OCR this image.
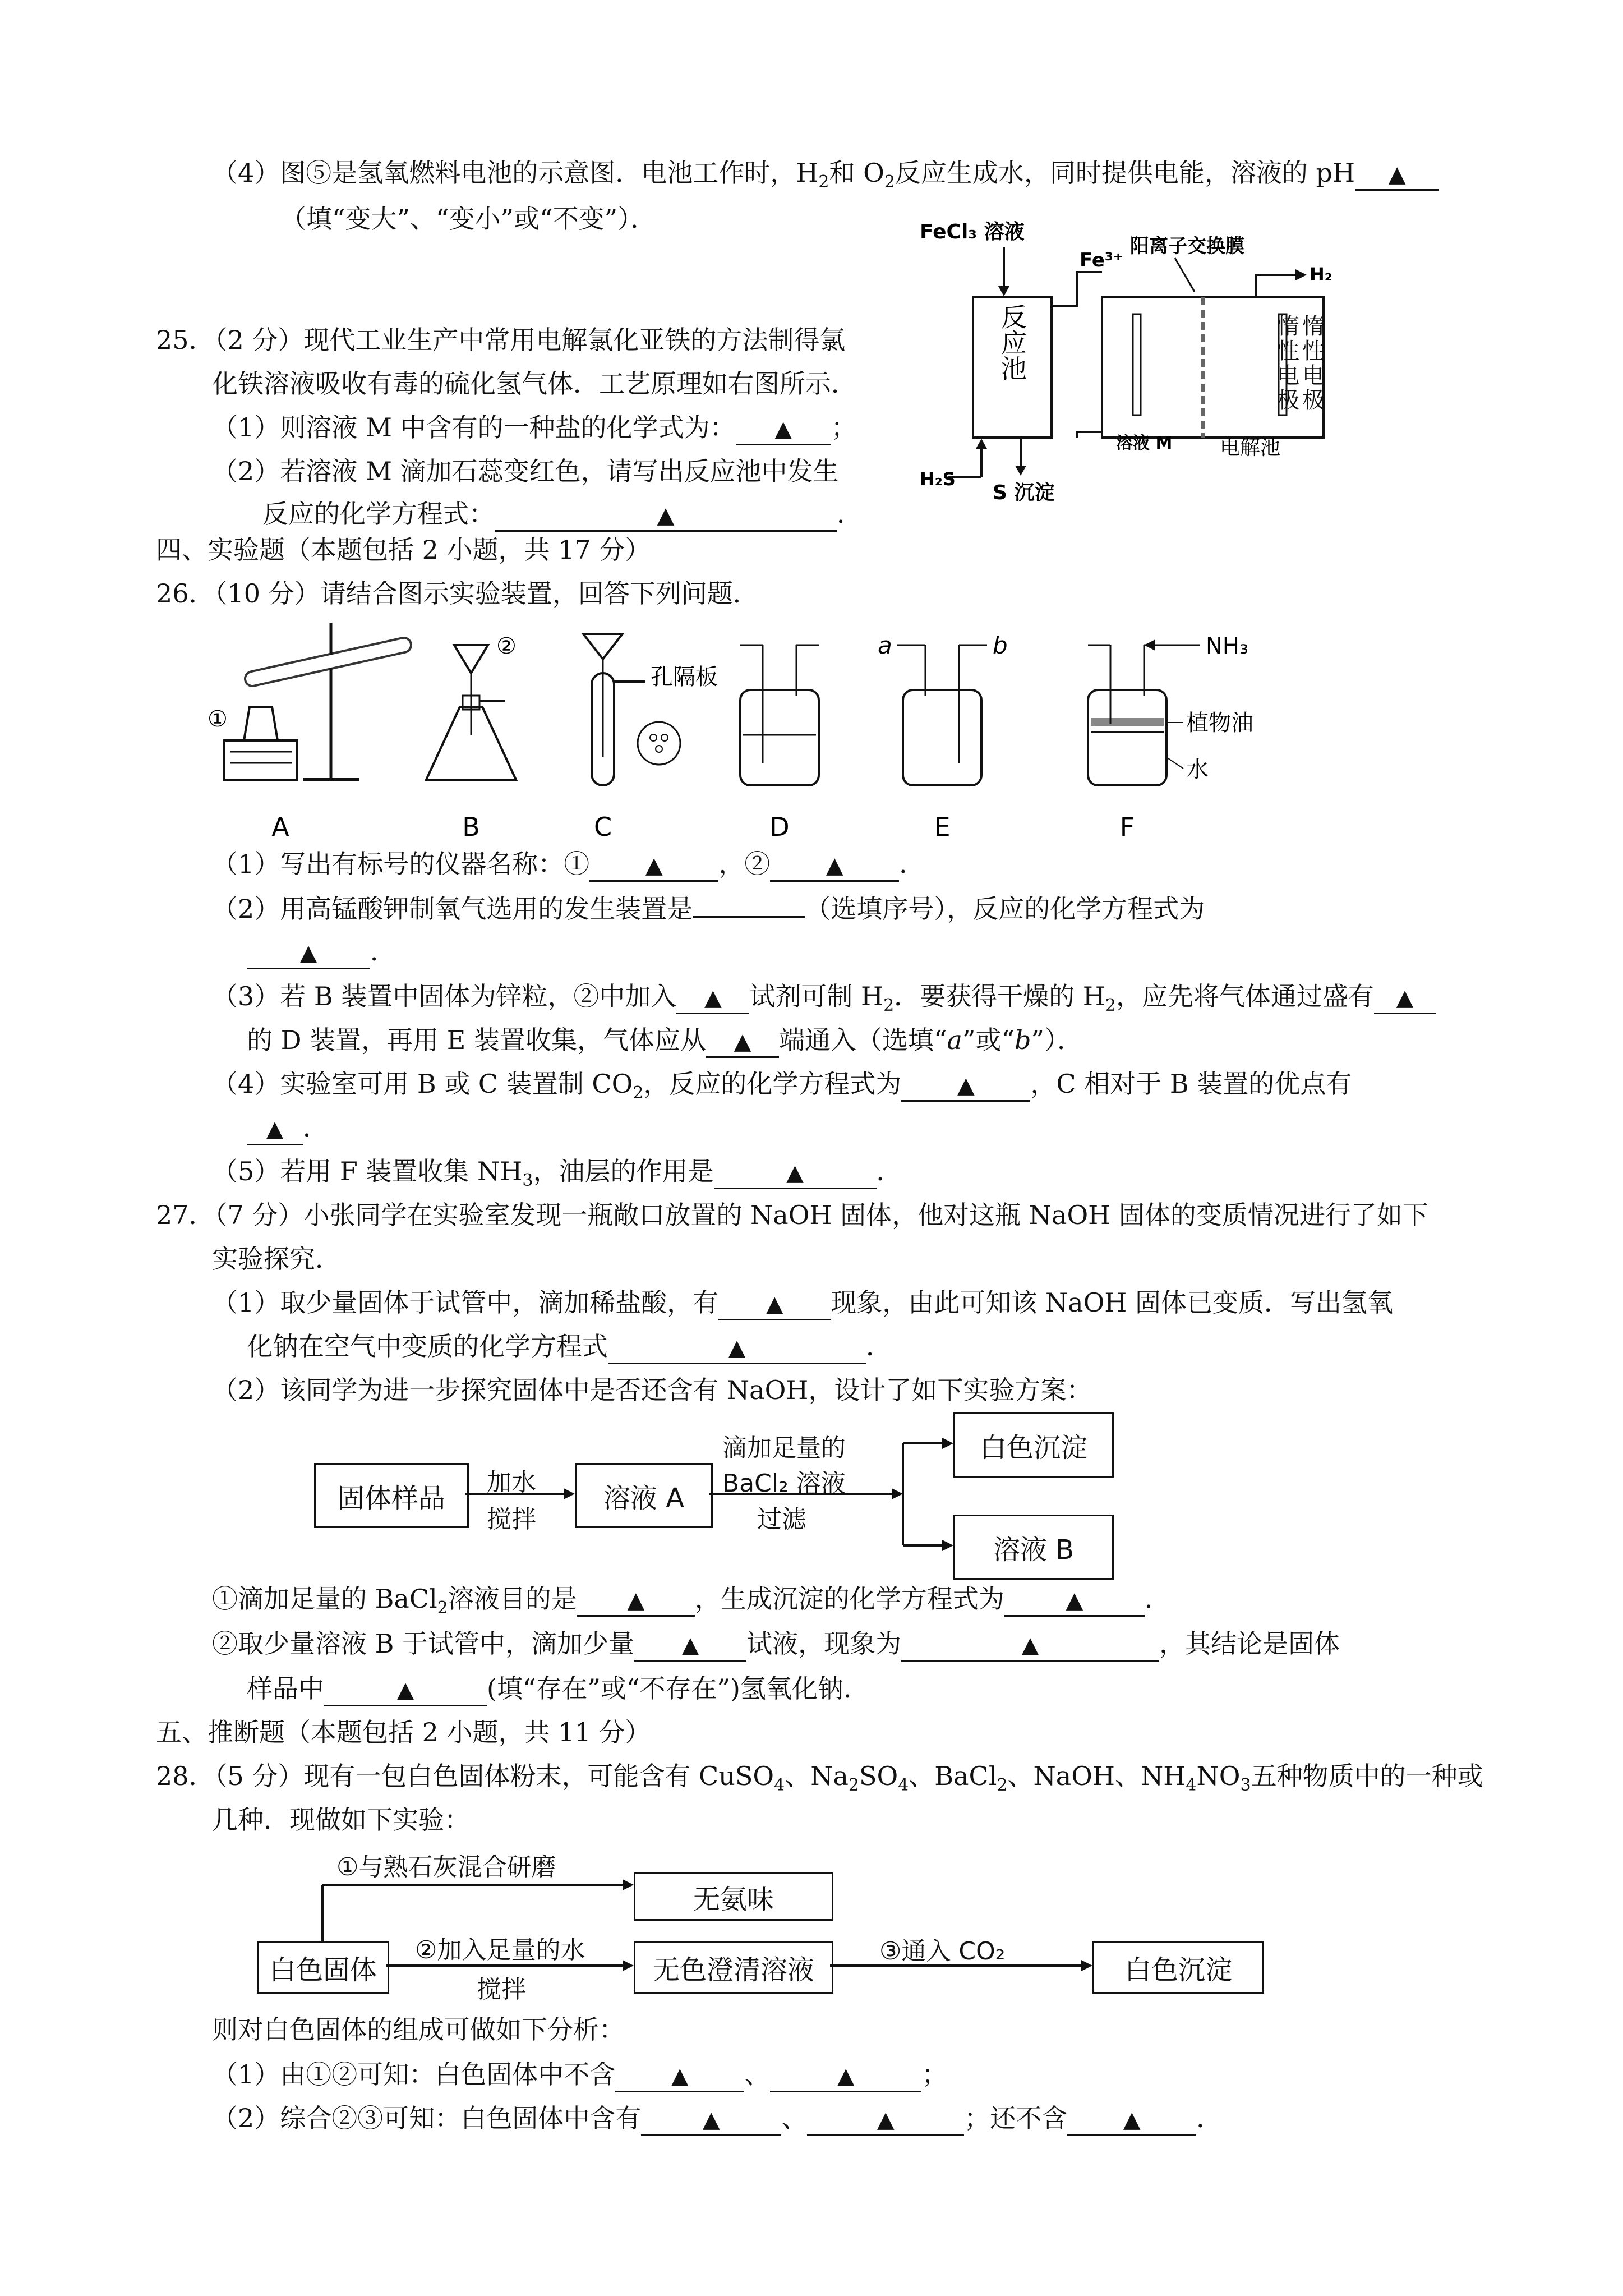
（4）图⑤是氢氧燃料电池的示意图．电池工作时，$H_2$和 $O_2$反应生成水，同时提供电能，溶液的 pH ▲
（填“变大”、“变小”或“不变”）．
25．（2 分）现代工业生产中常用电解氯化亚铁的方法制得氯
化铁溶液吸收有毒的硫化氢气体．工艺原理如右图所示．
（1）则溶液 M 中含有的一种盐的化学式为： ▲ ；
（2）若溶液 M 滴加石蕊变红色，请写出反应池中发生
反应的化学方程式：	▲	．
FeCl₃ 溶液
反应池
Fe³⁺
阳离子交换膜
H₂
溶液 M 电解池
H₂S
S 沉淀
四、实验题（本题包括 2 小题，共 17 分）
26．（10 分）请结合图示实验装置，回答下列问题．
①
②
孔隔板
a	b	NH₃
植物油
水
A	B	C	D	E	F
（1）写出有标号的仪器名称：① ▲ ，② ▲ ．
（2）用高锰酸钾制氧气选用的发生装置是	（选填序号），反应的化学方程式为
▲ ．
（3）若 B 装置中固体为锌粒，②中加入 ▲ 试剂可制 $H_2$．要获得干燥的 $H_2$，应先将气体通过盛有 ▲
的 D 装置，再用 E 装置收集，气体应从 ▲ 端通入（选填“a”或“b”）．
（4）实验室可用 B 或 C 装置制 $CO_2$，反应的化学方程式为 ▲ ，C 相对于 B 装置的优点有
▲ ．
（5）若用 F 装置收集 $NH_3$，油层的作用是	▲	．
27．（7 分）小张同学在实验室发现一瓶敞口放置的 NaOH 固体，他对这瓶 NaOH 固体的变质情况进行了如下
实验探究．
（1）取少量固体于试管中，滴加稀盐酸，有 ▲ 现象，由此可知该 NaOH 固体已变质．写出氢氧
化钠在空气中变质的化学方程式	▲	．
（2）该同学为进一步探究固体中是否还含有 NaOH，设计了如下实验方案：
固体样品	加水
搅拌
溶液 A
滴加足量的
BaCl₂ 溶液
过滤
白色沉淀
溶液 B
①滴加足量的 BaCl$_2$溶液目的是 ▲ ，生成沉淀的化学方程式为	▲ ．
②取少量溶液 B 于试管中，滴加少量 ▲ 试液，现象为	▲	，其结论是固体
样品中	▲	(填“存在”或“不存在”)氢氧化钠．
五、推断题（本题包括 2 小题，共 11 分）
28．（5 分）现有一包白色固体粉末，可能含有 CuSO$_4$、$Na_2SO_4$、BaCl$_2$、NaOH、$NH_4NO_3$五种物质中的一种或
几种．现做如下实验：
①与熟石灰混合研磨
无氨味
白色固体
②加入足量的水
搅拌
无色澄清溶液
③通入 CO₂
白色沉淀
则对白色固体的组成可做如下分析：
（1）由①②可知：白色固体中不含 ▲ 、	▲	；
（2）综合②③可知：白色固体中含有	▲ 、	▲	；还不含 ▲ ．
惰性电极
惰性电极
